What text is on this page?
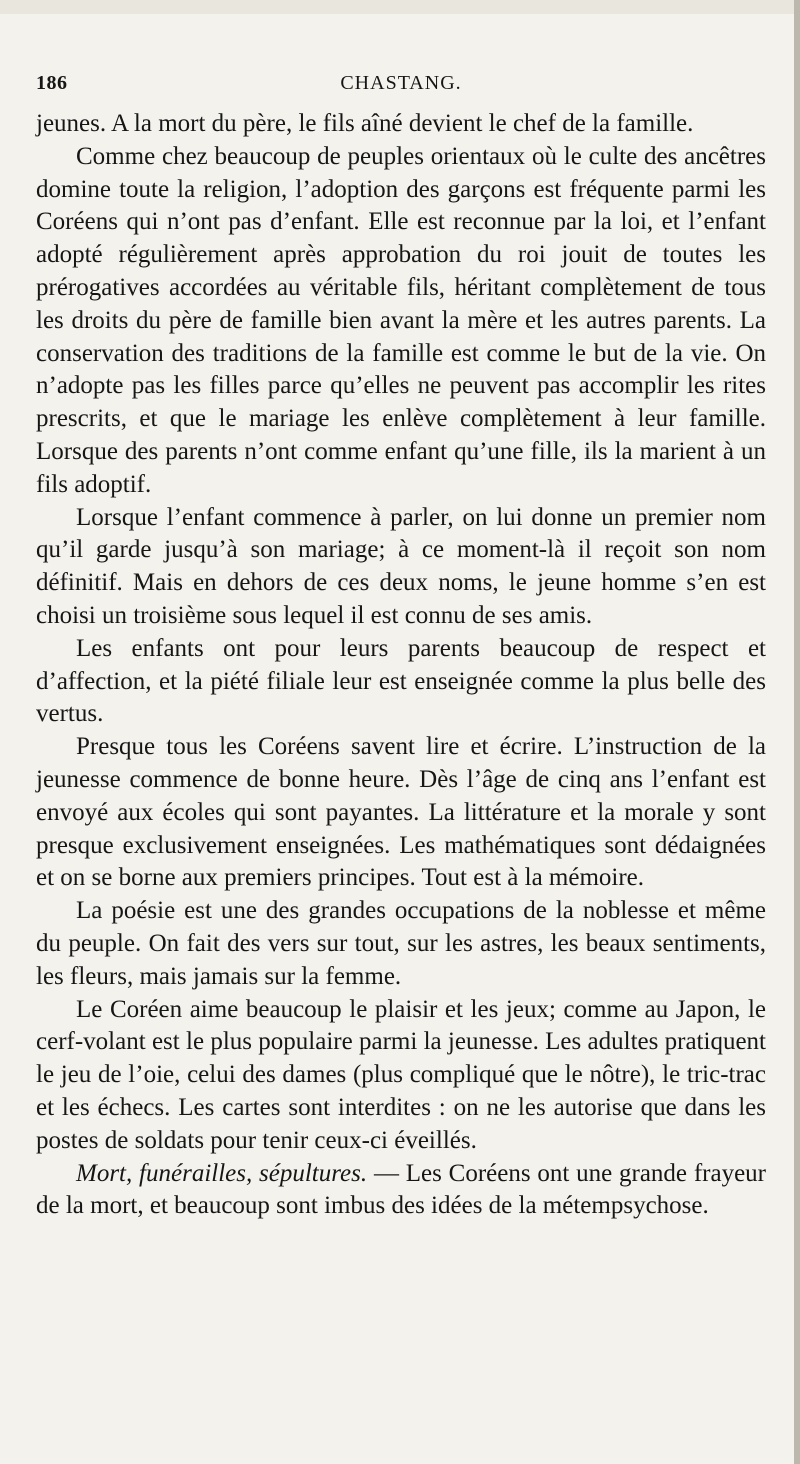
186	CHASTANG.

jeunes. A la mort du père, le fils aîné devient le chef de la famille.

Comme chez beaucoup de peuples orientaux où le culte des ancêtres domine toute la religion, l’adoption des garçons est fréquente parmi les Coréens qui n’ont pas d’enfant. Elle est reconnue par la loi, et l’enfant adopté régulièrement après approbation du roi jouit de toutes les prérogatives accordées au véritable fils, héritant complètement de tous les droits du père de famille bien avant la mère et les autres parents. La conservation des traditions de la famille est comme le but de la vie. On n’adopte pas les filles parce qu’elles ne peuvent pas accomplir les rites prescrits, et que le mariage les enlève complètement à leur famille. Lorsque des parents n’ont comme enfant qu’une fille, ils la marient à un fils adoptif.

Lorsque l’enfant commence à parler, on lui donne un premier nom qu’il garde jusqu’à son mariage; à ce moment-là il reçoit son nom définitif. Mais en dehors de ces deux noms, le jeune homme s’en est choisi un troisième sous lequel il est connu de ses amis.

Les enfants ont pour leurs parents beaucoup de respect et d’affection, et la piété filiale leur est enseignée comme la plus belle des vertus.

Presque tous les Coréens savent lire et écrire. L’instruction de la jeunesse commence de bonne heure. Dès l’âge de cinq ans l’enfant est envoyé aux écoles qui sont payantes. La littérature et la morale y sont presque exclusivement enseignées. Les mathématiques sont dédaignées et on se borne aux premiers principes. Tout est à la mémoire.

La poésie est une des grandes occupations de la noblesse et même du peuple. On fait des vers sur tout, sur les astres, les beaux sentiments, les fleurs, mais jamais sur la femme.

Le Coréen aime beaucoup le plaisir et les jeux; comme au Japon, le cerf-volant est le plus populaire parmi la jeunesse. Les adultes pratiquent le jeu de l’oie, celui des dames (plus compliqué que le nôtre), le tric-trac et les échecs. Les cartes sont interdites : on ne les autorise que dans les postes de soldats pour tenir ceux-ci éveillés.

Mort, funérailles, sépultures. — Les Coréens ont une grande frayeur de la mort, et beaucoup sont imbus des idées de la métempsychose.
